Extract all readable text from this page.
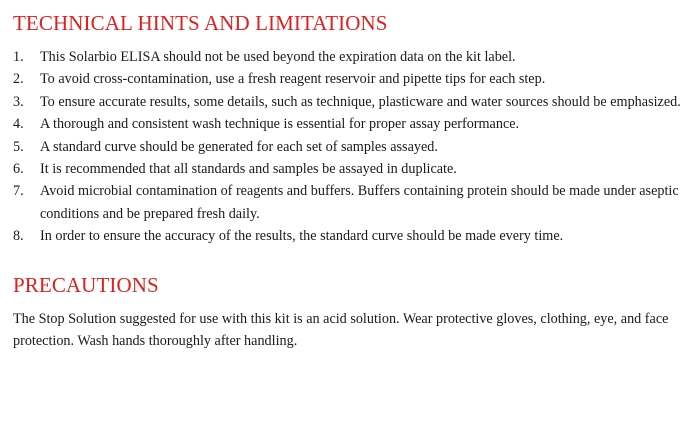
TECHNICAL HINTS AND LIMITATIONS
1.	This Solarbio ELISA should not be used beyond the expiration data on the kit label.
2.	To avoid cross-contamination, use a fresh reagent reservoir and pipette tips for each step.
3.	To ensure accurate results, some details, such as technique, plasticware and water sources should be emphasized.
4.	A thorough and consistent wash technique is essential for proper assay performance.
5.	A standard curve should be generated for each set of samples assayed.
6.	It is recommended that all standards and samples be assayed in duplicate.
7.	Avoid microbial contamination of reagents and buffers. Buffers containing protein should be made under aseptic conditions and be prepared fresh daily.
8.	In order to ensure the accuracy of the results, the standard curve should be made every time.
PRECAUTIONS

The Stop Solution suggested for use with this kit is an acid solution. Wear protective gloves, clothing, eye, and face protection. Wash hands thoroughly after handling.
